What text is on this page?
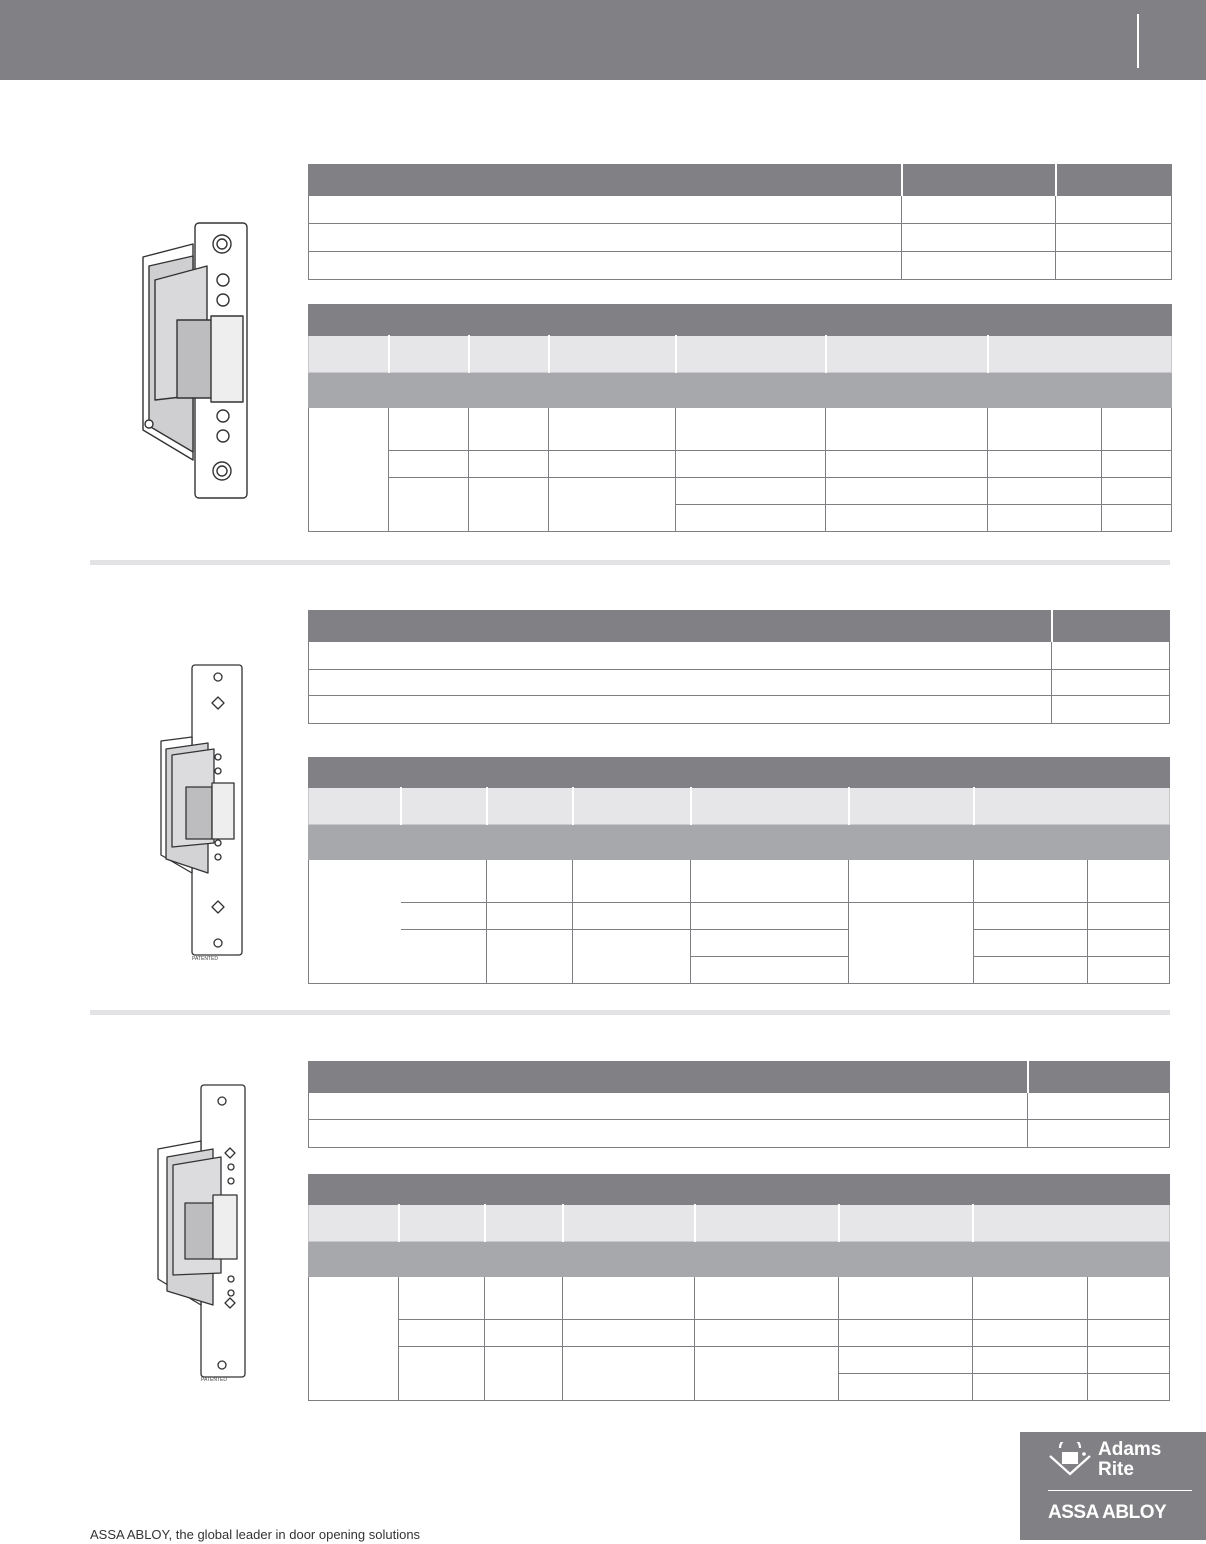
PATENTED

PATENTED

Adams
Rite
ASSA ABLOY
ASSA ABLOY, the global leader in door opening solutions
